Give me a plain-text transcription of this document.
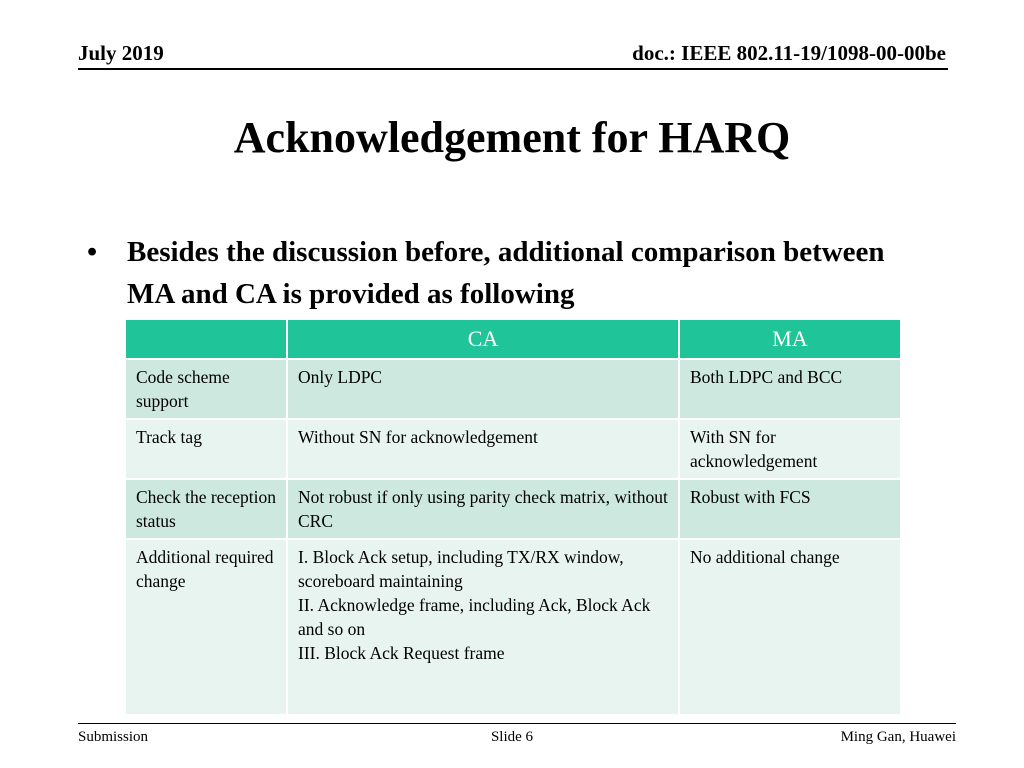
July 2019	doc.: IEEE 802.11-19/1098-00-00be
Acknowledgement for HARQ
• Besides the discussion before, additional comparison between MA and CA is provided as following
	CA	MA
Code scheme support	Only LDPC	Both LDPC and BCC
Track tag	Without SN for acknowledgement	With SN for acknowledgement
Check the reception status	Not robust if only using parity check matrix, without CRC	Robust with FCS
Additional required change	I. Block Ack setup, including TX/RX window, scoreboard maintaining
II. Acknowledge frame, including Ack, Block Ack and so on
III. Block Ack Request frame	No additional change
Submission	Slide 6	Ming Gan, Huawei
